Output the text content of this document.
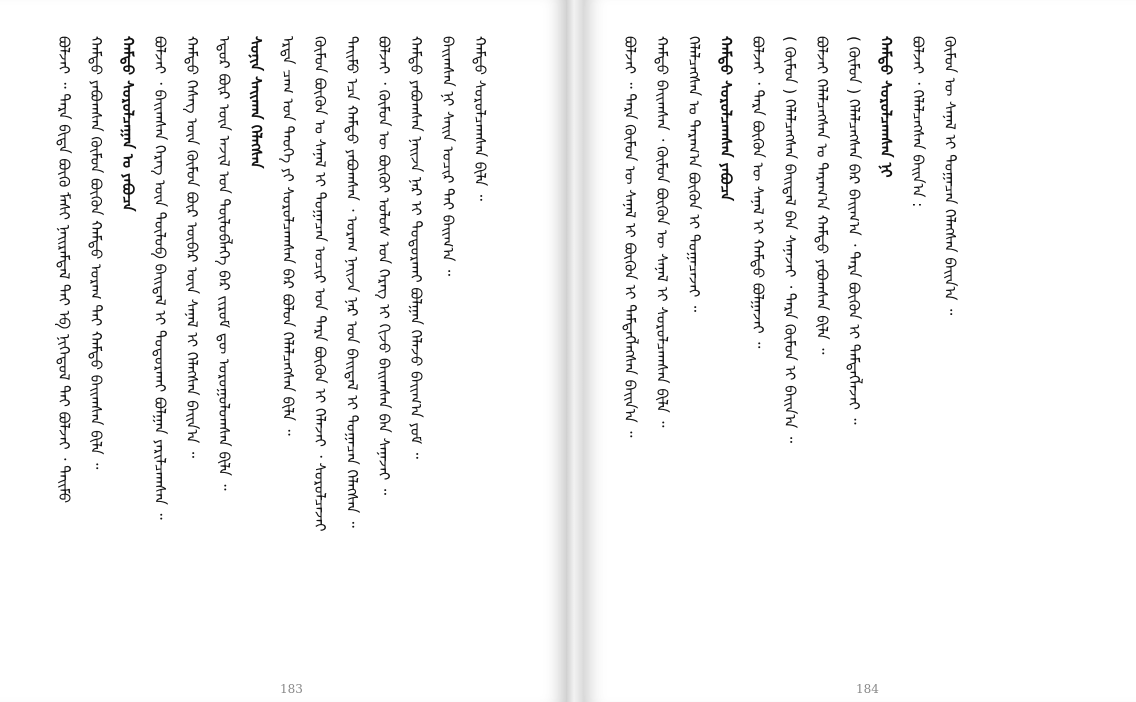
ᠪᠣᠯᠵᠠᠢ ᠃ ᠲᠡᠷᠡ ᠪᠢᠳᠡ ᠪᠦᠬᠦ ᠮᠠᠰᠢ ᠨᠠᠢᠷᠠᠮᠳᠠᠯ ᠲᠠᠢ ᠡᠪ ᠨᠢᠭᠡᠳᠦᠯ ᠲᠠᠢ ᠪᠣᠯᠵᠠᠢ ᠂ ᠲᠡᠢᠮᠦ ᠬᠠᠮᠲᠤ ᠶᠠᠪᠤᠭᠰᠠᠨ ᠬᠦᠮᠦᠨ ᠪᠦᠬᠦᠨ ᠬᠠᠮᠲᠤ ᠤᠷᠠᠭ ᠲᠠᠢ ᠬᠠᠮᠲᠤ ᠪᠠᠢᠭᠰᠠᠨ ᠪᠢᠯᠡ ᠃ ᠬᠠᠮᠲᠤ ᠰᠤᠷᠤᠯᠴᠠᠭᠠᠨ ᠤ ᠶᠠᠪᠤᠴᠠ ᠪᠣᠯᠵᠠᠢ ᠂ ᠪᠠᠢᠭᠰᠠᠨ ᠬᠡᠷᠡᠭ ᠦᠨ ᠲᠦᠯᠦᠪ ᠪᠠᠢᠳᠠᠯ ᠢ ᠲᠣᠳᠣᠷᠬᠠᠢ ᠪᠣᠯᠭᠠᠨ ᠶᠠᠷᠢᠯᠴᠠᠭᠰᠠᠨ ᠃ ᠬᠠᠮᠲᠤ ᠬᠡᠰᠡᠭ ᠦᠨ ᠬᠦᠮᠦᠨ ᠪᠦᠷ ᠦᠪᠡᠷ ᠦᠨ ᠰᠠᠨᠠᠯ ᠢ ᠬᠡᠯᠡᠭᠰᠡᠨ ᠪᠠᠢᠨ᠎ᠠ ᠃ ᠡᠳᠦᠷ ᠪᠦᠷ ᠦᠨ ᠠᠵᠢᠯ ᠤᠨ ᠲᠦᠯᠦᠪᠯᠡᠭᠡ ᠪᠡᠷ ᠵᠢᠷᠤᠮ ᠳᠦ ᠣᠷᠣᠭᠤᠯᠤᠭᠰᠠᠨ ᠪᠢᠯᠡ ᠃ ᠰᠣᠨᠢᠨ ᠰᠠᠢᠬᠠᠨ ᠬᠡᠯᠡᠭᠰᠡᠨ ᠡᠷᠲᠡ ᠴᠠᠭ ᠤᠨ ᠲᠡᠦᠬᠡ ᠶᠢ ᠰᠤᠷᠤᠯᠴᠠᠭᠰᠠᠨ ᠪᠡᠷ ᠪᠣᠯᠤᠨ ᠬᠡᠯᠡᠯᠴᠡᠭᠰᠡᠨ ᠪᠢᠯᠡ ᠃ ᠬᠦᠮᠦᠨ ᠪᠦᠬᠦᠨ ᠤ ᠰᠠᠨᠠᠯ ᠢ ᠲᠣᠭᠠᠴᠠᠨ ᠤᠴᠢᠷ ᠤᠨ ᠲᠡᠷᠡ ᠪᠦᠬᠦᠨ ᠢ ᠬᠡᠯᠡᠵᠡᠢ ᠂ ᠰᠤᠷᠤᠯᠴᠠᠵᠠᠢ ᠲᠡᠢᠮᠦ ᠡᠴᠡ ᠬᠠᠮᠲᠤ ᠶᠠᠪᠤᠭᠰᠠᠨ ᠂ ᠤᠷᠠᠭ ᠨᠠᠢᠵᠠ ᠨᠠᠷ ᠤᠨ ᠪᠠᠢᠳᠠᠯ ᠢ ᠲᠣᠭᠠᠴᠠᠨ ᠬᠡᠯᠡᠭᠰᠡᠨ ᠃ ᠪᠣᠯᠵᠠᠢ ᠂ ᠬᠦᠮᠦᠨ ᠦ ᠪᠦᠬᠦᠢ ᠤᠯᠤᠰ ᠤᠨ ᠬᠡᠷᠡᠭ ᠢ ᠬᠢᠵᠦ ᠪᠠᠢᠭᠰᠠᠨ ᠪᠡᠨ ᠰᠠᠨᠠᠵᠠᠢ ᠃ ᠬᠠᠮᠲᠤ ᠶᠠᠪᠤᠭᠰᠠᠨ ᠨᠠᠢᠵᠠ ᠨᠠᠷ ᠢ ᠲᠣᠳᠣᠷᠬᠠᠢ ᠪᠣᠯᠭᠠᠨ ᠬᠡᠯᠡᠵᠦ ᠪᠠᠢᠭ᠎ᠠ ᠶᠤᠮ ᠃ ᠪᠠᠢᠭᠰᠠᠨ ᠨᠢ ᠰᠠᠢᠨ ᠤᠴᠢᠷ ᠲᠠᠢ ᠪᠠᠢᠭ᠎ᠠ ᠃ ᠬᠠᠮᠲᠤ ᠰᠤᠷᠤᠯᠴᠠᠭᠰᠠᠨ ᠪᠢᠯᠡ ᠃
183
ᠪᠣᠯᠵᠠᠢ ᠃ ᠲᠡᠷᠡ ᠬᠦᠮᠦᠨ ᠦ ᠰᠠᠨᠠᠯ ᠢ ᠪᠦᠬᠦᠨ ᠢ ᠲᠡᠮᠳᠡᠭᠯᠡᠭᠰᠡᠨ ᠪᠠᠢᠨ᠎ᠠ ᠃ ᠬᠠᠮᠲᠤ ᠪᠠᠢᠭᠰᠠᠨ ᠂ ᠬᠦᠮᠦᠨ ᠪᠦᠬᠦᠨ ᠦ ᠰᠠᠨᠠᠯ ᠢ ᠰᠤᠷᠤᠯᠴᠠᠭᠰᠠᠨ ᠪᠢᠯᠡ ᠃ ᠬᠡᠯᠡᠯᠴᠡᠭᠰᠡᠨ ᠤ ᠳᠠᠷᠠᠭ᠎ᠠ ᠪᠦᠬᠦᠨ ᠢ ᠲᠣᠭᠠᠴᠠᠵᠠᠢ ᠃ ᠬᠠᠮᠲᠤ ᠰᠤᠷᠤᠯᠴᠠᠭᠰᠠᠨ ᠶᠠᠪᠤᠴᠠ ᠪᠣᠯᠵᠠᠢ ᠂ ᠲᠡᠷᠡ ᠪᠦᠬᠦᠨ ᠦ ᠰᠠᠨᠠᠯ ᠢ ᠬᠠᠮᠲᠤ ᠪᠣᠯᠭᠠᠵᠠᠢ ᠃ ( ᠬᠦᠮᠦᠨ ) ᠬᠡᠯᠡᠯᠴᠡᠭᠰᠡᠨ ᠪᠠᠢᠳᠠᠯ ᠪᠠᠨ ᠰᠠᠨᠠᠵᠠᠢ ᠂ ᠲᠡᠷᠡ ᠬᠦᠮᠦᠨ ᠢ ᠪᠠᠢᠨ᠎ᠠ ᠃ ᠪᠣᠯᠵᠠᠢ ᠬᠡᠯᠡᠯᠴᠡᠭᠰᠡᠨ ᠤ ᠳᠠᠷᠠᠭ᠎ᠠ ᠬᠠᠮᠲᠤ ᠶᠠᠪᠤᠭᠰᠠᠨ ᠪᠢᠯᠡ ᠃ ( ᠬᠦᠮᠦᠨ ) ᠬᠡᠯᠡᠯᠴᠡᠭᠰᠡᠨ ᠪᠡᠷ ᠪᠠᠢᠭ᠎ᠠ ᠂ ᠲᠡᠷᠡ ᠪᠦᠬᠦᠨ ᠢ ᠲᠡᠮᠳᠡᠭᠯᠡᠵᠠᠢ ᠃ ᠬᠠᠮᠲᠤ ᠰᠤᠷᠤᠯᠴᠠᠭᠰᠠᠨ ᠨᠢ ᠪᠣᠯᠵᠠᠢ ᠂ ᠬᠡᠯᠡᠯᠴᠡᠭᠰᠡᠨ ᠪᠠᠢᠨ᠎ᠠ : ᠬᠦᠮᠦᠨ ᠦ ᠰᠠᠨᠠᠯ ᠢ ᠲᠣᠭᠠᠴᠠᠨ ᠬᠡᠯᠡᠭᠰᠡᠨ ᠪᠠᠢᠨ᠎ᠠ ᠃
184
